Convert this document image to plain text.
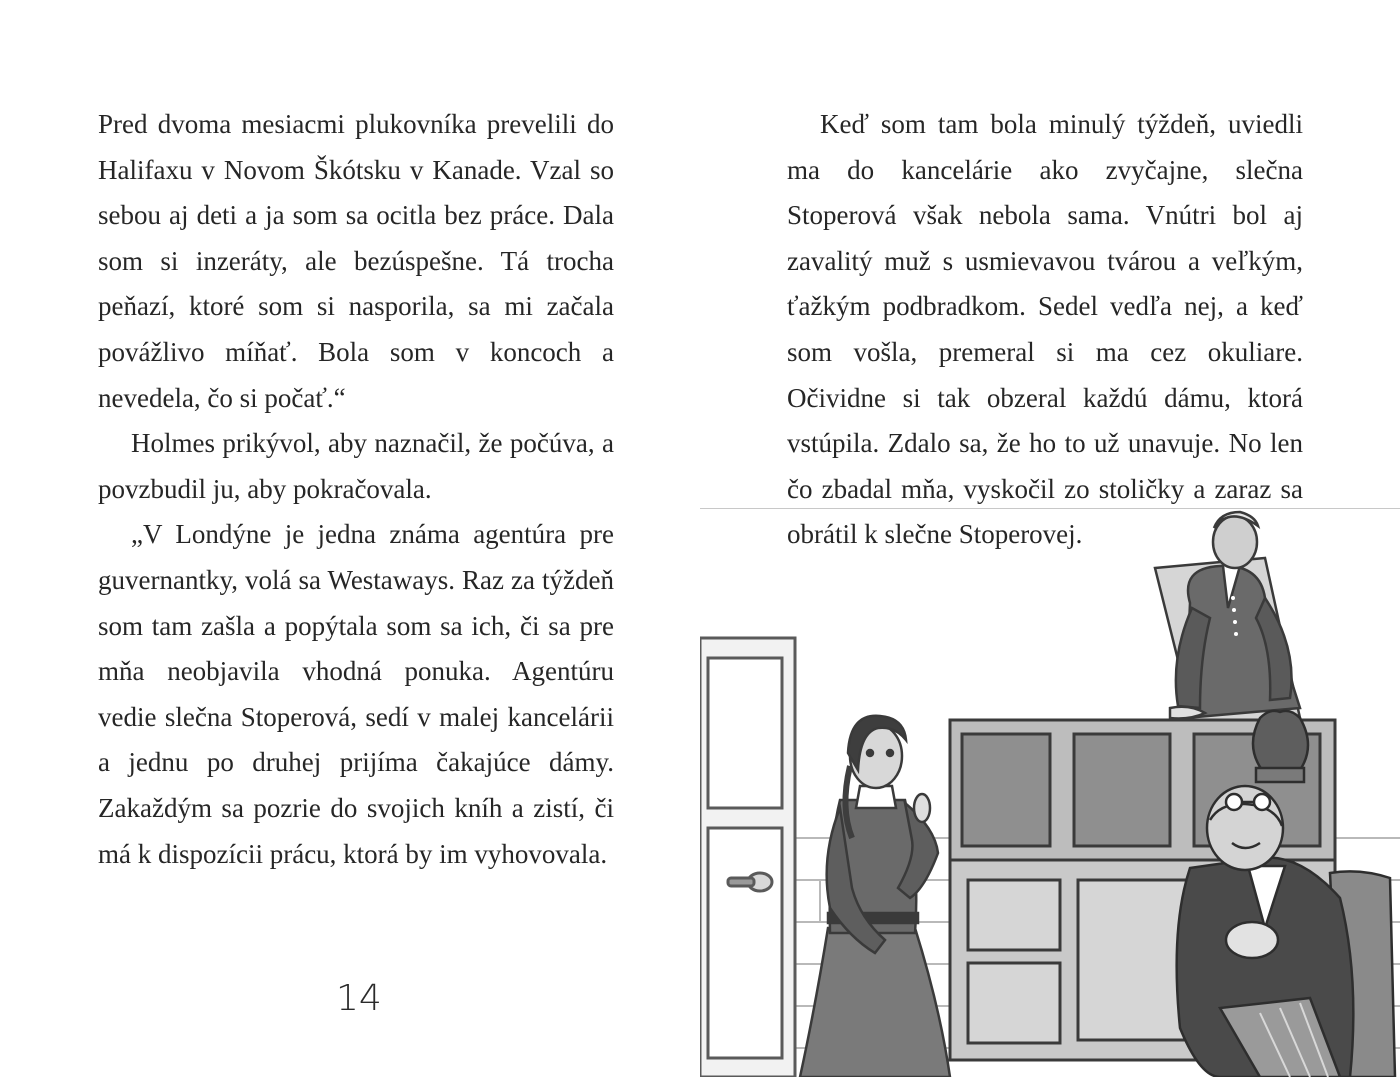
Pred dvoma mesiacmi plukovníka prevelili do Halifaxu v Novom Škótsku v Kanade. Vzal so sebou aj deti a ja som sa ocitla bez práce. Dala som si inzeráty, ale bezúspešne. Tá trocha peňazí, ktoré som si nasporila, sa mi začala povážlivo míňať. Bola som v koncoch a nevedela, čo si počať.“

Holmes prikývol, aby naznačil, že počúva, a povzbudil ju, aby pokračovala.

„V Londýne je jedna známa agentúra pre guvernantky, volá sa Westaways. Raz za týždeň som tam zašla a popýtala som sa ich, či sa pre mňa neobjavila vhodná ponuka. Agentúru vedie slečna Stoperová, sedí v malej kancelárii a jednu po druhej prijíma čakajúce dámy. Zakaždým sa pozrie do svojich kníh a zistí, či má k dispozícii prácu, ktorá by im vyhovovala.

14

Keď som tam bola minulý týždeň, uviedli ma do kancelárie ako zvyčajne, slečna Stoperová však nebola sama. Vnútri bol aj zavalitý muž s usmievavou tvárou a veľkým, ťažkým podbradkom. Sedel vedľa nej, a keď som vošla, premeral si ma cez okuliare. Očividne si tak obzeral každú dámu, ktorá vstúpila. Zdalo sa, že ho to už unavuje. No len čo zbadal mňa, vyskočil zo stoličky a zaraz sa obrátil k slečne Stoperovej.
